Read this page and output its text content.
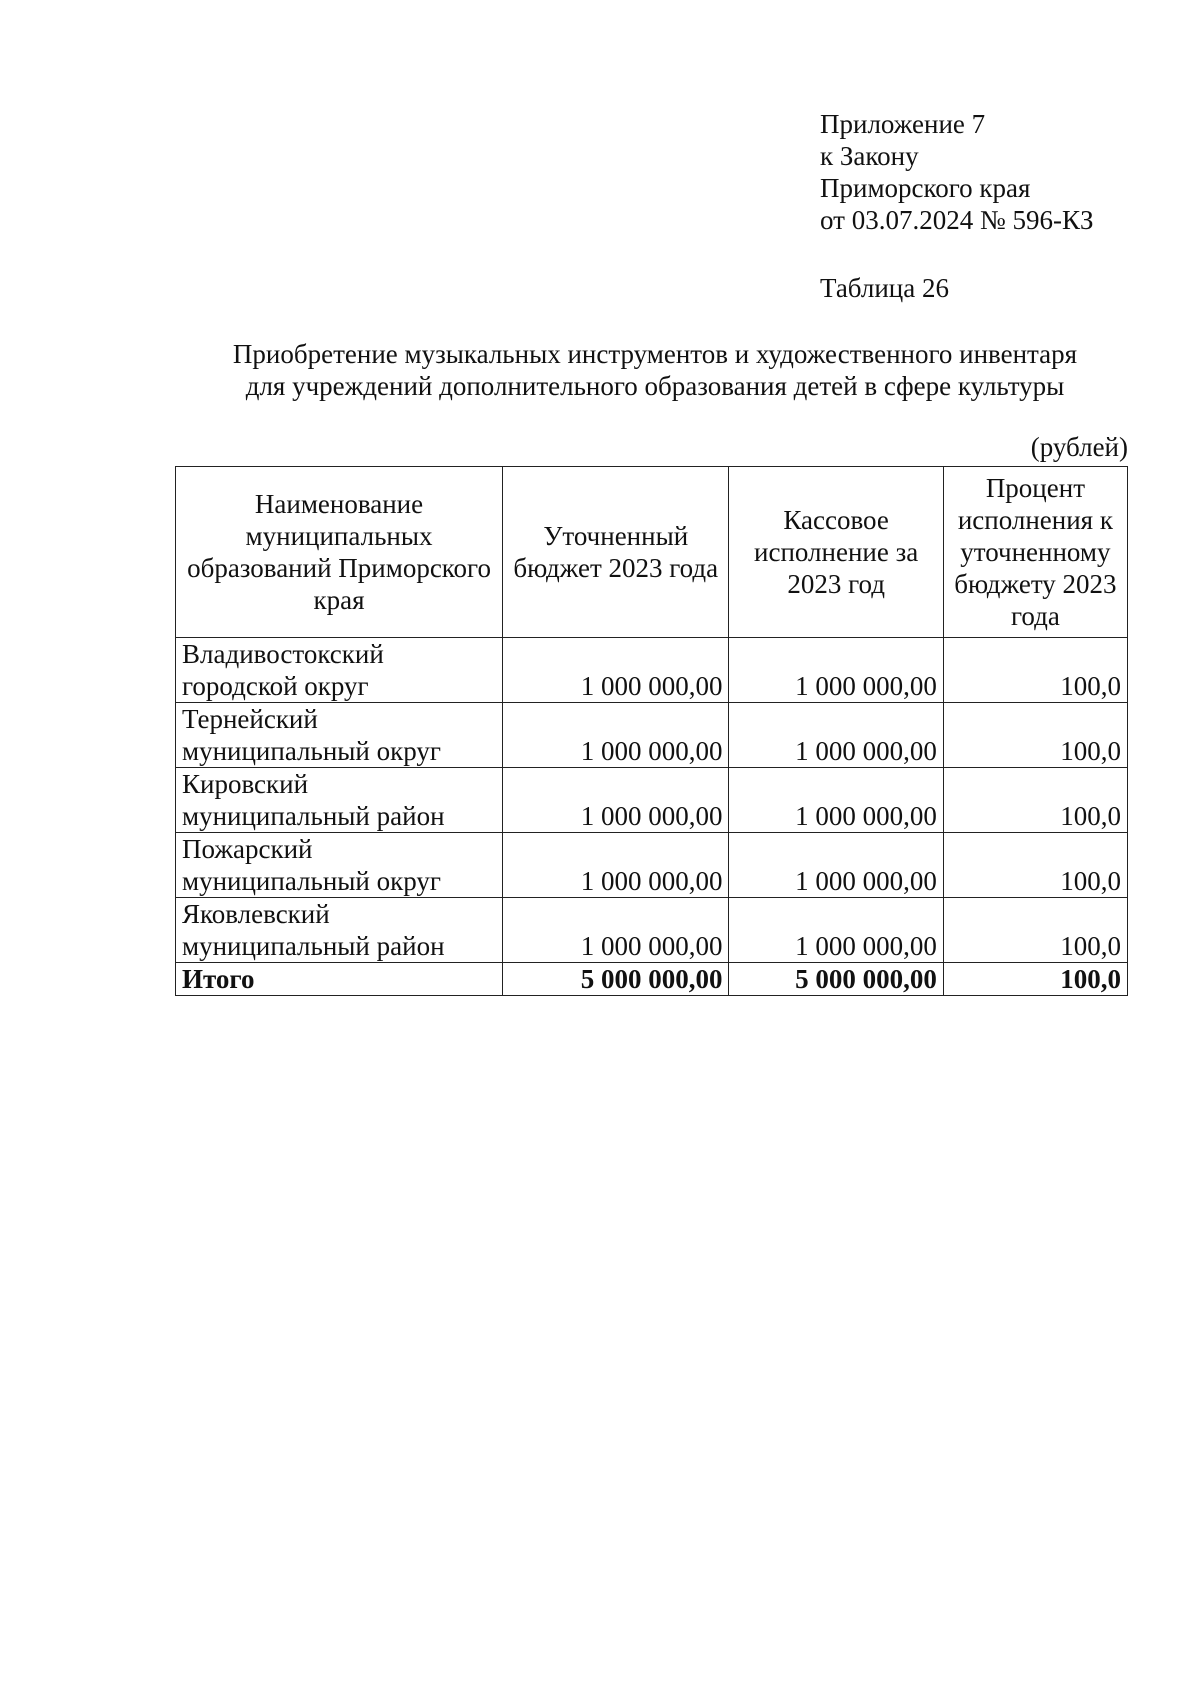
Приложение 7
к Закону
Приморского края
от 03.07.2024 № 596-КЗ
Таблица 26
Приобретение музыкальных инструментов и художественного инвентаря
для учреждений дополнительного образования детей в сфере культуры
(рублей)
Наименование муниципальных образований Приморского края	Уточненный бюджет 2023 года	Кассовое исполнение за 2023 год	Процент исполнения к уточненному бюджету 2023 года
Владивостокский
городской округ	1 000 000,00	1 000 000,00	100,0
Тернейский
муниципальный округ	1 000 000,00	1 000 000,00	100,0
Кировский
муниципальный район	1 000 000,00	1 000 000,00	100,0
Пожарский
муниципальный округ	1 000 000,00	1 000 000,00	100,0
Яковлевский
муниципальный район	1 000 000,00	1 000 000,00	100,0
Итого	5 000 000,00	5 000 000,00	100,0
